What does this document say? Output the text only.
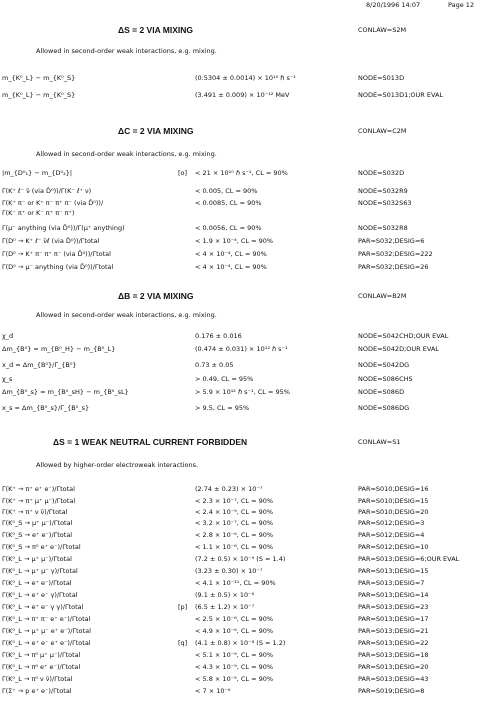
8/20/1996 14:07	Page 12
ΔS = 2 VIA MIXING	CONLAW=S2M
Allowed in second-order weak interactions, e.g. mixing.
m_{K⁰_L} − m_{K⁰_S}	(0.5304 ± 0.0014) × 10¹⁰ ℏ s⁻¹	NODE=S013D
m_{K⁰_L} − m_{K⁰_S}	(3.491 ± 0.009) × 10⁻¹² MeV	NODE=S013D1;OUR EVAL
ΔC = 2 VIA MIXING	CONLAW=C2M
Allowed in second-order weak interactions, e.g. mixing.
|m_{D⁰₁} − m_{D⁰₂}|	[o] < 21 × 10¹⁰ ℏ s⁻¹, CL = 90%	NODE=S032D
Γ(K⁺ ℓ⁻ ν̄ (via D̄⁰))/Γ(K⁻ ℓ⁺ ν)	< 0.005, CL = 90%	NODE=S032R9
Γ(K⁺ π⁻ or K⁺ π⁻ π⁺ π⁻ (via D̄⁰))/	< 0.0085, CL = 90%	NODE=S032S63
Γ(K⁻ π⁺ or K⁻ π⁺ π⁻ π⁺)
Γ(μ⁻ anything (via D̄⁰))/Γ(μ⁺ anything)	< 0.0056, CL = 90%	NODE=S032R8
Γ(D⁰ → K⁺ ℓ⁻ ν̄ℓ (via D̄⁰))/Γtotal	< 1.9 × 10⁻⁴, CL = 90%	PAR=S032;DESIG=6
Γ(D⁰ → K⁺ π⁻ π⁺ π⁻ (via D̄⁰))/Γtotal	< 4 × 10⁻⁴, CL = 90%	PAR=S032;DESIG=222
Γ(D⁰ → μ⁻ anything (via D̄⁰))/Γtotal	< 4 × 10⁻⁴, CL = 90%	PAR=S032;DESIG=26
ΔB = 2 VIA MIXING	CONLAW=B2M
Allowed in second-order weak interactions, e.g. mixing.
χ_d	0.176 ± 0.016	NODE=S042CHD;OUR EVAL
Δm_{B⁰} = m_{B⁰_H} − m_{B⁰_L}	(0.474 ± 0.031) × 10¹² ℏ s⁻¹	NODE=S042D;OUR EVAL
x_d = Δm_{B⁰}/Γ_{B⁰}	0.73 ± 0.05	NODE=S042DG
χ_s	> 0.49, CL = 95%	NODE=S086CHS
Δm_{B⁰_s} = m_{B⁰_sH} − m_{B⁰_sL}	> 5.9 × 10¹² ℏ s⁻¹, CL = 95%	NODE=S086D
x_s = Δm_{B⁰_s}/Γ_{B⁰_s}	> 9.5, CL = 95%	NODE=S086DG
ΔS = 1 WEAK NEUTRAL CURRENT FORBIDDEN	CONLAW=S1
Allowed by higher-order electroweak interactions.
Γ(K⁺ → π⁺ e⁺ e⁻)/Γtotal	(2.74 ± 0.23) × 10⁻⁷	PAR=S010;DESIG=16
Γ(K⁺ → π⁺ μ⁺ μ⁻)/Γtotal	< 2.3 × 10⁻⁷, CL = 90%	PAR=S010;DESIG=15
Γ(K⁺ → π⁺ ν ν̄)/Γtotal	< 2.4 × 10⁻⁹, CL = 90%	PAR=S010;DESIG=20
Γ(K⁰_S → μ⁺ μ⁻)/Γtotal	< 3.2 × 10⁻⁷, CL = 90%	PAR=S012;DESIG=3
Γ(K⁰_S → e⁺ e⁻)/Γtotal	< 2.8 × 10⁻⁶, CL = 90%	PAR=S012;DESIG=4
Γ(K⁰_S → π⁰ e⁺ e⁻)/Γtotal	< 1.1 × 10⁻⁶, CL = 90%	PAR=S012;DESIG=10
Γ(K⁰_L → μ⁺ μ⁻)/Γtotal	(7.2 ± 0.5) × 10⁻⁹ (S = 1.4)	PAR=S013;DESIG=6;OUR EVAL
Γ(K⁰_L → μ⁺ μ⁻ γ)/Γtotal	(3.23 ± 0.30) × 10⁻⁷	PAR=S013;DESIG=15
Γ(K⁰_L → e⁺ e⁻)/Γtotal	< 4.1 × 10⁻¹¹, CL = 90%	PAR=S013;DESIG=7
Γ(K⁰_L → e⁺ e⁻ γ)/Γtotal	(9.1 ± 0.5) × 10⁻⁶	PAR=S013;DESIG=14
Γ(K⁰_L → e⁺ e⁻ γ γ)/Γtotal	[p] (6.5 ± 1.2) × 10⁻⁷	PAR=S013;DESIG=23
Γ(K⁰_L → π⁺ π⁻ e⁺ e⁻)/Γtotal	< 2.5 × 10⁻⁶, CL = 90%	PAR=S013;DESIG=17
Γ(K⁰_L → μ⁺ μ⁻ e⁺ e⁻)/Γtotal	< 4.9 × 10⁻⁶, CL = 90%	PAR=S013;DESIG=21
Γ(K⁰_L → e⁺ e⁻ e⁺ e⁻)/Γtotal	[q] (4.1 ± 0.8) × 10⁻⁸ (S = 1.2)	PAR=S013;DESIG=22
Γ(K⁰_L → π⁰ μ⁺ μ⁻)/Γtotal	< 5.1 × 10⁻⁹, CL = 90%	PAR=S013;DESIG=18
Γ(K⁰_L → π⁰ e⁺ e⁻)/Γtotal	< 4.3 × 10⁻⁹, CL = 90%	PAR=S013;DESIG=20
Γ(K⁰_L → π⁰ ν ν̄)/Γtotal	< 5.8 × 10⁻⁵, CL = 90%	PAR=S013;DESIG=43
Γ(Σ⁺ → p e⁺ e⁻)/Γtotal	< 7 × 10⁻⁶	PAR=S019;DESIG=8
